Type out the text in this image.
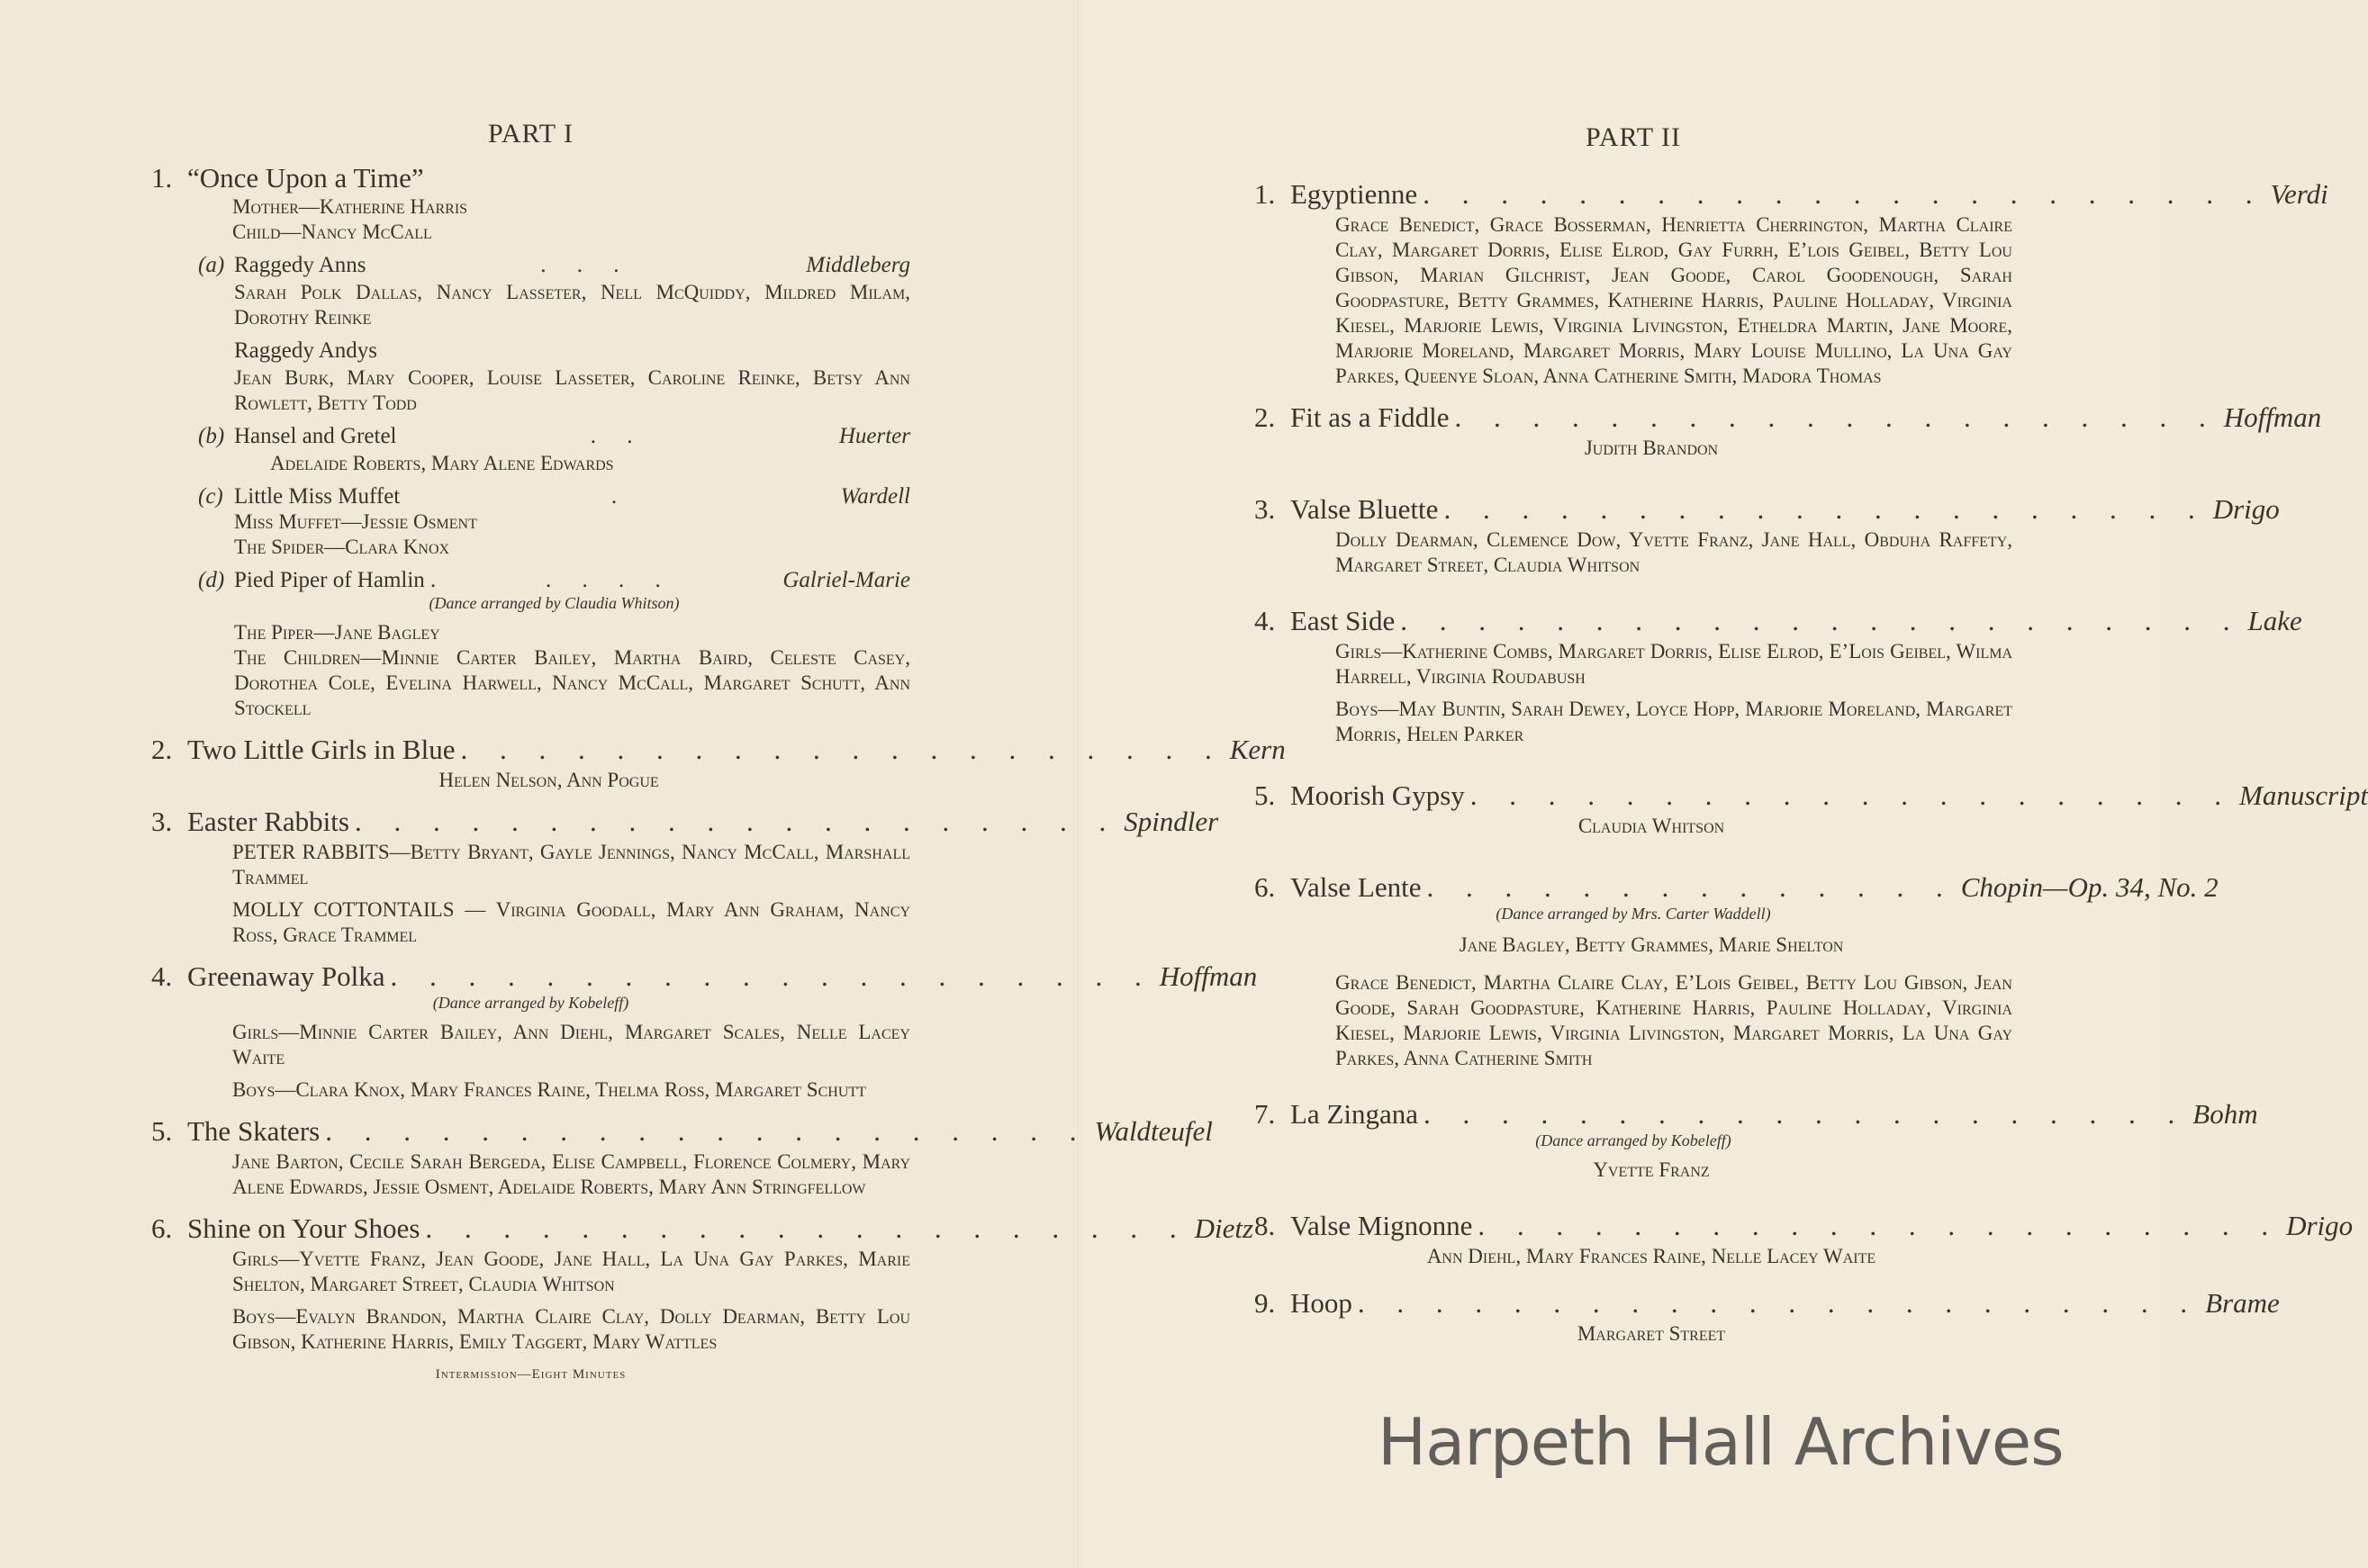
PART I
1. “Once Upon a Time”
Mother—Katherine Harris
Child—Nancy McCall
(a) Raggedy Anns	. . .	Middleberg
Sarah Polk Dallas, Nancy Lasseter, Nell McQuiddy, Mildred Milam, Dorothy Reinke
Raggedy Andys
Jean Burk, Mary Cooper, Louise Lasseter, Caroline Reinke, Betsy Ann Rowlett, Betty Todd
(b) Hansel and Gretel	. .	Huerter
Adelaide Roberts, Mary Alene Edwards
(c) Little Miss Muffet	.	Wardell
Miss Muffet—Jessie Osment
The Spider—Clara Knox
(d) Pied Piper of Hamlin .	. . . .	Galriel-Marie
(Dance arranged by Claudia Whitson)
The Piper—Jane Bagley
The Children—Minnie Carter Bailey, Martha Baird, Celeste Casey, Dorothea Cole, Evelina Harwell, Nancy McCall, Margaret Schutt, Ann Stockell
2. Two Little Girls in Blue . . . . . . . . . . . . . . . . . . . . Kern
Helen Nelson, Ann Pogue
3. Easter Rabbits . . . . . . . . . . . . . . . . . . . . Spindler
PETER RABBITS—Betty Bryant, Gayle Jennings, Nancy McCall, Marshall Trammel
MOLLY COTTONTAILS — Virginia Goodall, Mary Ann Graham, Nancy Ross, Grace Trammel
4. Greenaway Polka . . . . . . . . . . . . . . . . . . . . Hoffman
(Dance arranged by Kobeleff)
Girls—Minnie Carter Bailey, Ann Diehl, Margaret Scales, Nelle Lacey Waite
Boys—Clara Knox, Mary Frances Raine, Thelma Ross, Margaret Schutt
5. The Skaters . . . . . . . . . . . . . . . . . . . . Waldteufel
Jane Barton, Cecile Sarah Bergeda, Elise Campbell, Florence Colmery, Mary Alene Edwards, Jessie Osment, Adelaide Roberts, Mary Ann Stringfellow
6. Shine on Your Shoes . . . . . . . . . . . . . . . . . . . . Dietz
Girls—Yvette Franz, Jean Goode, Jane Hall, La Una Gay Parkes, Marie Shelton, Margaret Street, Claudia Whitson
Boys—Evalyn Brandon, Martha Claire Clay, Dolly Dearman, Betty Lou Gibson, Katherine Harris, Emily Taggert, Mary Wattles
Intermission—Eight Minutes
PART II
1. Egyptienne . . . . . . . . . . . . . . . . . . . . . . Verdi
Grace Benedict, Grace Bosserman, Henrietta Cherrington, Martha Claire Clay, Margaret Dorris, Elise Elrod, Gay Furrh, E’lois Geibel, Betty Lou Gibson, Marian Gilchrist, Jean Goode, Carol Goodenough, Sarah Goodpasture, Betty Grammes, Katherine Harris, Pauline Holladay, Virginia Kiesel, Marjorie Lewis, Virginia Livingston, Etheldra Martin, Jane Moore, Marjorie Moreland, Margaret Morris, Mary Louise Mullino, La Una Gay Parkes, Queenye Sloan, Anna Catherine Smith, Madora Thomas
2. Fit as a Fiddle . . . . . . . . . . . . . . . . . . . . Hoffman
Judith Brandon
3. Valse Bluette . . . . . . . . . . . . . . . . . . . . Drigo
Dolly Dearman, Clemence Dow, Yvette Franz, Jane Hall, Obduha Raffety, Margaret Street, Claudia Whitson
4. East Side . . . . . . . . . . . . . . . . . . . . . . Lake
Girls—Katherine Combs, Margaret Dorris, Elise Elrod, E’Lois Geibel, Wilma Harrell, Virginia Roudabush
Boys—May Buntin, Sarah Dewey, Loyce Hopp, Marjorie Moreland, Margaret Morris, Helen Parker
5. Moorish Gypsy . . . . . . . . . . . . . . . . . . . . Manuscript
Claudia Whitson
6. Valse Lente . . . . . . . . . . . . . . Chopin—Op. 34, No. 2
(Dance arranged by Mrs. Carter Waddell)
Jane Bagley, Betty Grammes, Marie Shelton
Grace Benedict, Martha Claire Clay, E’Lois Geibel, Betty Lou Gibson, Jean Goode, Sarah Goodpasture, Katherine Harris, Pauline Holladay, Virginia Kiesel, Marjorie Lewis, Virginia Livingston, Margaret Morris, La Una Gay Parkes, Anna Catherine Smith
7. La Zingana . . . . . . . . . . . . . . . . . . . . Bohm
(Dance arranged by Kobeleff)
Yvette Franz
8. Valse Mignonne . . . . . . . . . . . . . . . . . . . . . Drigo
Ann Diehl, Mary Frances Raine, Nelle Lacey Waite
9. Hoop . . . . . . . . . . . . . . . . . . . . . . Brame
Margaret Street
Harpeth Hall Archives
